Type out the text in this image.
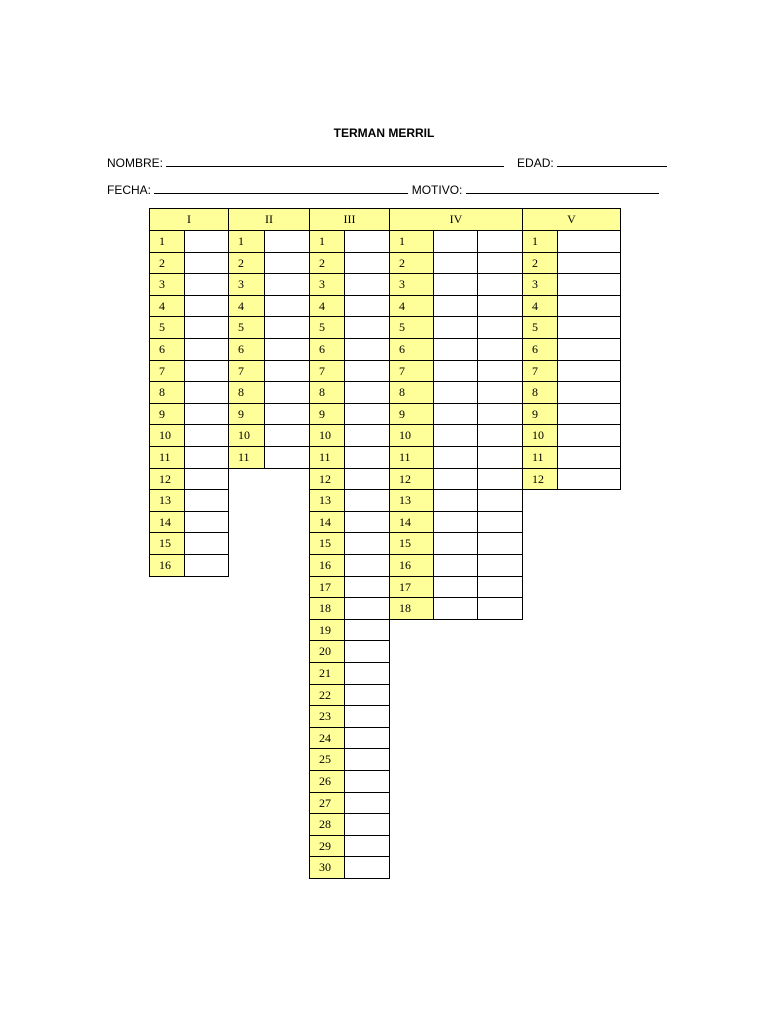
TERMAN MERRIL
NOMBRE:	EDAD:
FECHA:	MOTIVO:
I
1
2
3
4
5
6
7
8
9
10
11
12
13
14
15
16
II
1
2
3
4
5
6
7
8
9
10
11
III
1
2
3
4
5
6
7
8
9
10
11
12
13
14
15
16
17
18
19
20
21
22
23
24
25
26
27
28
29
30
IV
1
2
3
4
5
6
7
8
9
10
11
12
13
14
15
16
17
18
V
1
2
3
4
5
6
7
8
9
10
11
12
